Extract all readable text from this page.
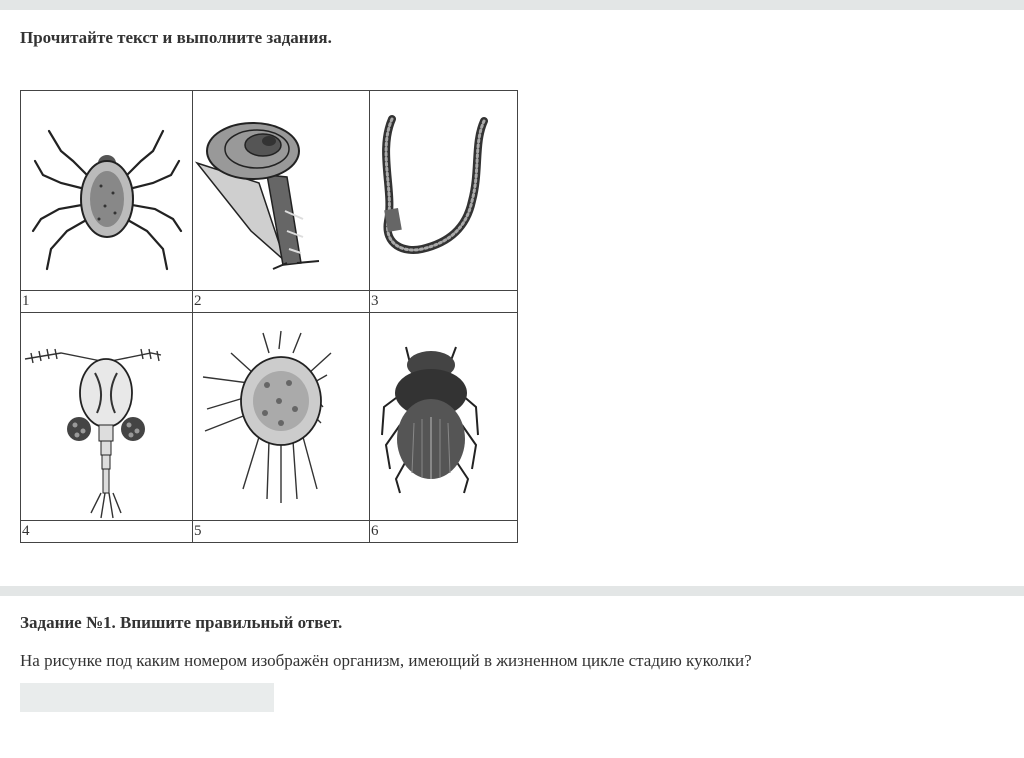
Прочитайте текст и выполните задания.

1	2	3

4	5	6
Задание №1. Впишите правильный ответ.
На рисунке под каким номером изображён организм, имеющий в жизненном цикле стадию куколки?
